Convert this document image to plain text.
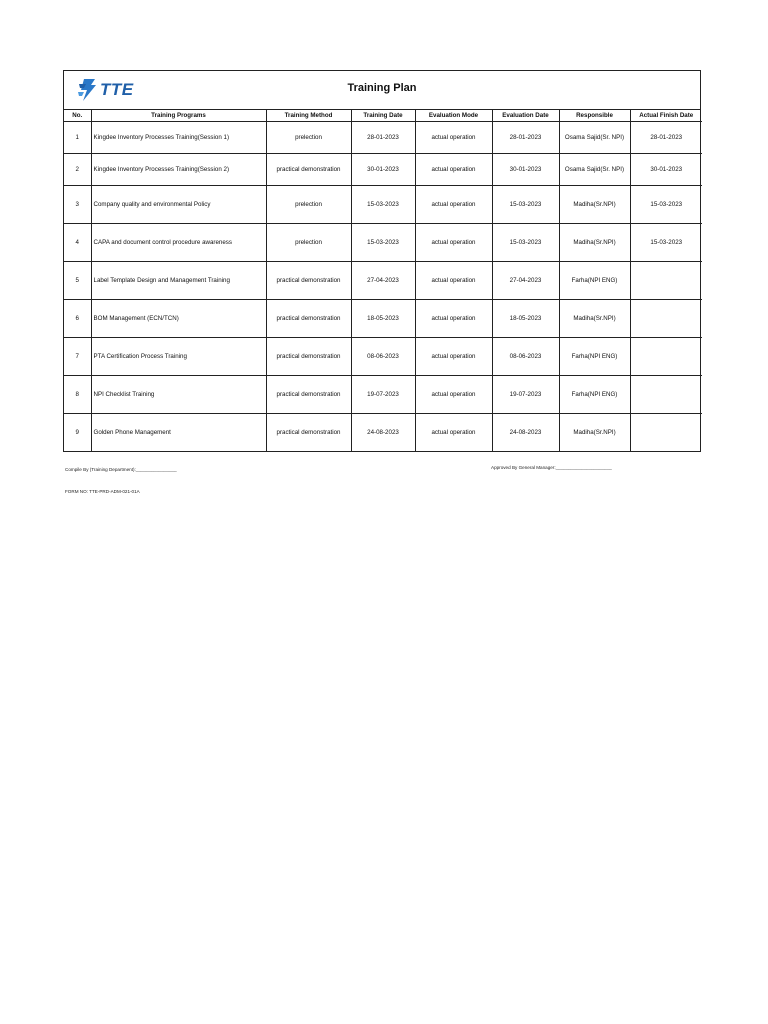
TTE	Training Plan
No.	Training Programs	Training Method	Training Date	Evaluation Mode	Evaluation Date	Responsible	Actual Finish Date
1	Kingdee Inventory Processes Training(Session 1)	prelection	28-01-2023	actual operation	28-01-2023	Osama Sajid(Sr. NPI)	28-01-2023
2	Kingdee Inventory Processes Training(Session 2)	practical demonstration	30-01-2023	actual operation	30-01-2023	Osama Sajid(Sr. NPI)	30-01-2023
3	Company quality and environmental Policy	prelection	15-03-2023	actual operation	15-03-2023	Madiha(Sr.NPI)	15-03-2023
4	CAPA and document control procedure awareness	prelection	15-03-2023	actual operation	15-03-2023	Madiha(Sr.NPI)	15-03-2023
5	Label Template Design and Management Training	practical demonstration	27-04-2023	actual operation	27-04-2023	Farha(NPI ENG)	
6	BOM Management (ECN/TCN)	practical demonstration	18-05-2023	actual operation	18-05-2023	Madiha(Sr.NPI)	
7	PTA Certification Process Training	practical demonstration	08-06-2023	actual operation	08-06-2023	Farha(NPI ENG)	
8	NPI Checklist Training	practical demonstration	19-07-2023	actual operation	19-07-2023	Farha(NPI ENG)	
9	Golden Phone Management	practical demonstration	24-08-2023	actual operation	24-08-2023	Madiha(Sr.NPI)	
Compile By (Training Department):________________	Approved By General Manager:______________________
FORM NO: TTE-PRD-ADM-021-01A
